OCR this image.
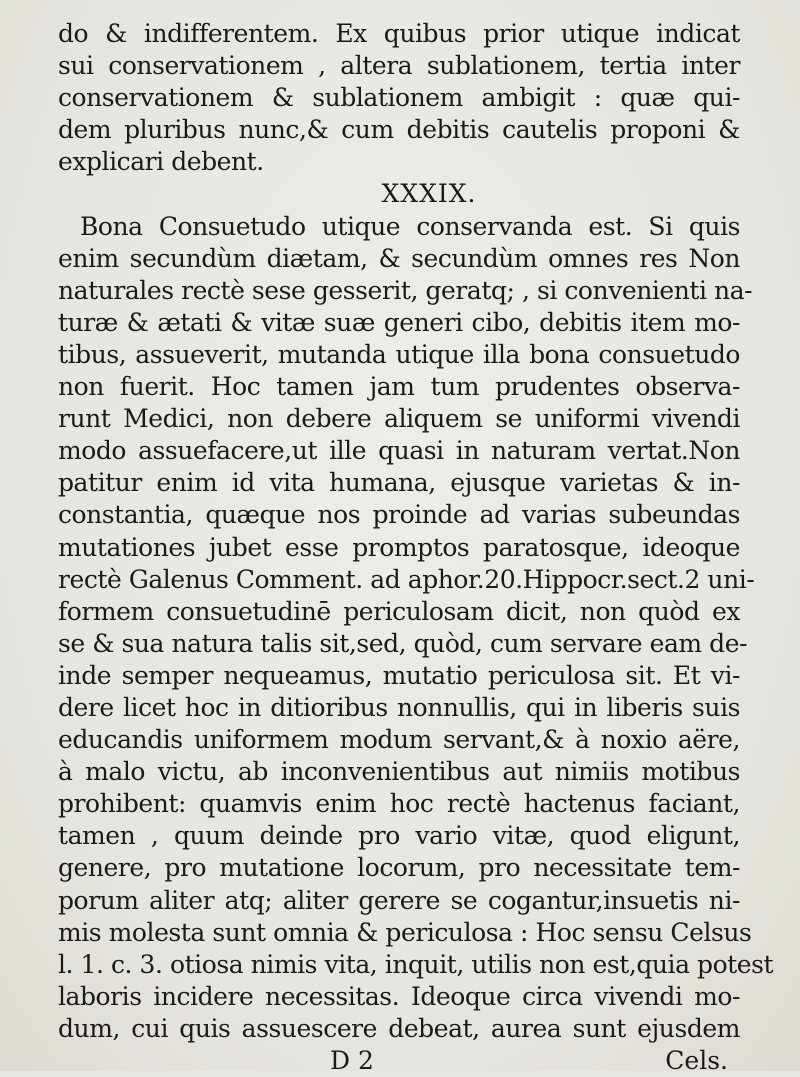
do & indifferentem. Ex quibus prior utique indicat
sui conservationem , altera sublationem, tertia inter
conservationem & sublationem ambigit : quæ qui-
dem pluribus nunc,& cum debitis cautelis proponi &
explicari debent.
XXXIX.
Bona Consuetudo utique conservanda est. Si quis
enim secundùm diætam, & secundùm omnes res Non
naturales rectè sese gesserit, geratq; , si convenienti na-
turæ & ætati & vitæ suæ generi cibo, debitis item mo-
tibus, assueverit, mutanda utique illa bona consuetudo
non fuerit. Hoc tamen jam tum prudentes observa-
runt Medici, non debere aliquem se uniformi vivendi
modo assuefacere,ut ille quasi in naturam vertat.Non
patitur enim id vita humana, ejusque varietas & in-
constantia, quæque nos proinde ad varias subeundas
mutationes jubet esse promptos paratosque, ideoque
rectè Galenus Comment. ad aphor.20.Hippocr.sect.2 uni-
formem consuetudinē periculosam dicit, non quòd ex
se & sua natura talis sit,sed, quòd, cum servare eam de-
inde semper nequeamus, mutatio periculosa sit. Et vi-
dere licet hoc in ditioribus nonnullis, qui in liberis suis
educandis uniformem modum servant,& à noxio aëre,
à malo victu, ab inconvenientibus aut nimiis motibus
prohibent: quamvis enim hoc rectè hactenus faciant,
tamen , quum deinde pro vario vitæ, quod eligunt,
genere, pro mutatione locorum, pro necessitate tem-
porum aliter atq; aliter gerere se cogantur,insuetis ni-
mis molesta sunt omnia & periculosa : Hoc sensu Celsus
l. 1. c. 3. otiosa nimis vita, inquit, utilis non est,quia potest
laboris incidere necessitas. Ideoque circa vivendi mo-
dum, cui quis assuescere debeat, aurea sunt ejusdem
D 2	Cels.
